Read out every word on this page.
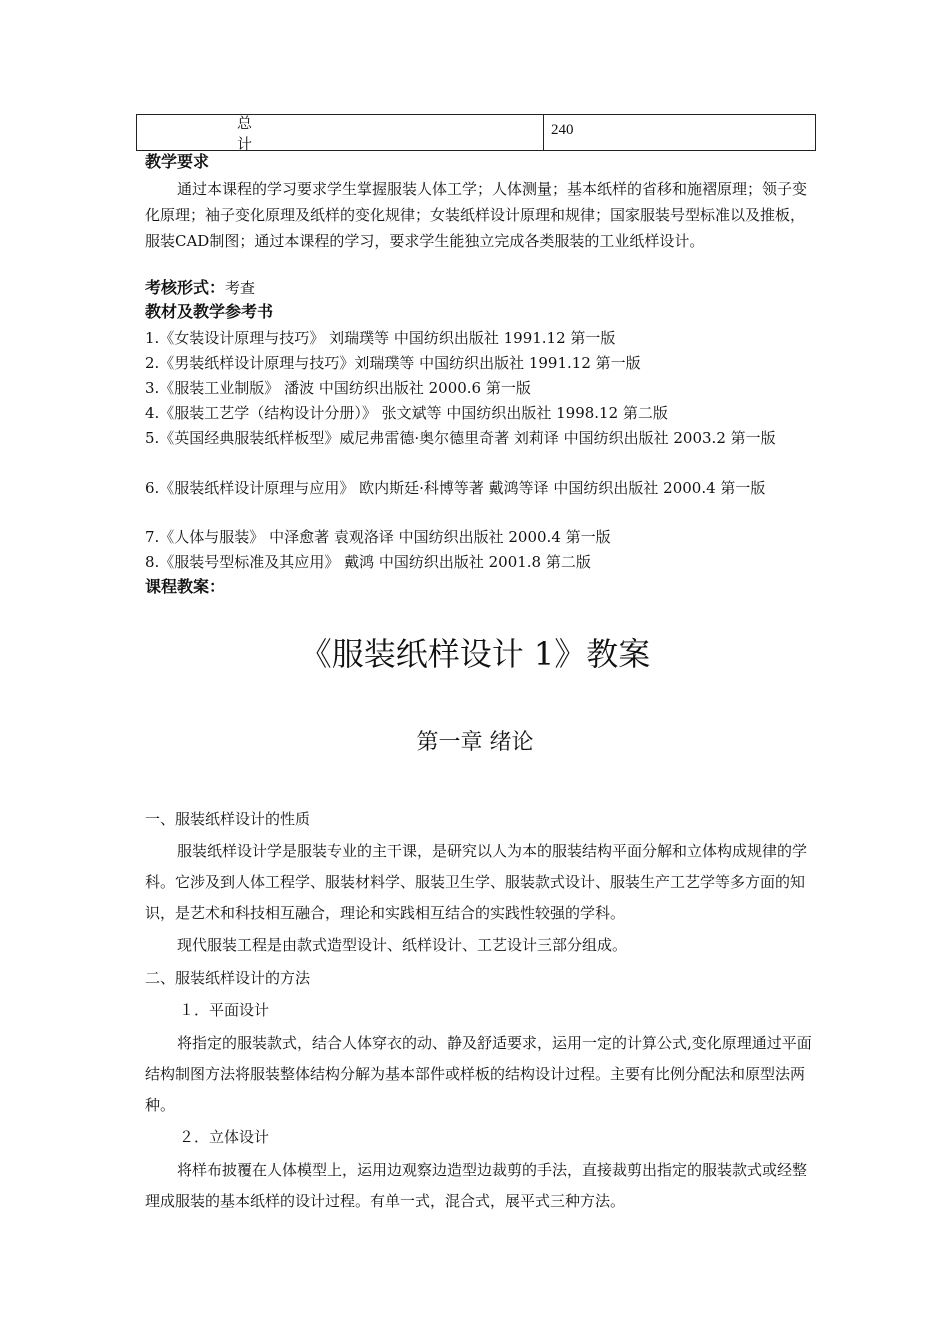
总 计
240
教学要求
通过本课程的学习要求学生掌握服装人体工学；人体测量；基本纸样的省移和施褶原理；领子变化原理；袖子变化原理及纸样的变化规律；女装纸样设计原理和规律；国家服装号型标准以及推板，服装CAD制图；通过本课程的学习，要求学生能独立完成各类服装的工业纸样设计。
考核形式：考查
教材及教学参考书
1.《女装设计原理与技巧》 刘瑞璞等 中国纺织出版社 1991.12 第一版
2.《男装纸样设计原理与技巧》刘瑞璞等 中国纺织出版社 1991.12 第一版
3.《服装工业制版》 潘波 中国纺织出版社 2000.6 第一版
4.《服装工艺学（结构设计分册）》 张文斌等 中国纺织出版社 1998.12 第二版
5.《英国经典服装纸样板型》威尼弗雷德·奥尔德里奇著 刘莉译 中国纺织出版社 2003.2 第一版
6.《服装纸样设计原理与应用》 欧内斯廷·科博等著 戴鸿等译 中国纺织出版社 2000.4 第一版
7.《人体与服装》 中泽愈著 袁观洛译 中国纺织出版社 2000.4 第一版
8.《服装号型标准及其应用》 戴鸿 中国纺织出版社 2001.8 第二版
课程教案：
《服装纸样设计 1》教案
第一章 绪论
一、服装纸样设计的性质
服装纸样设计学是服装专业的主干课，是研究以人为本的服装结构平面分解和立体构成规律的学科。它涉及到人体工程学、服装材料学、服装卫生学、服装款式设计、服装生产工艺学等多方面的知识，是艺术和科技相互融合，理论和实践相互结合的实践性较强的学科。
现代服装工程是由款式造型设计、纸样设计、工艺设计三部分组成。
二、服装纸样设计的方法
１．平面设计
将指定的服装款式，结合人体穿衣的动、静及舒适要求，运用一定的计算公式,变化原理通过平面结构制图方法将服装整体结构分解为基本部件或样板的结构设计过程。主要有比例分配法和原型法两种。
２．立体设计
将样布披覆在人体模型上，运用边观察边造型边裁剪的手法，直接裁剪出指定的服装款式或经整理成服装的基本纸样的设计过程。有单一式，混合式，展平式三种方法。
